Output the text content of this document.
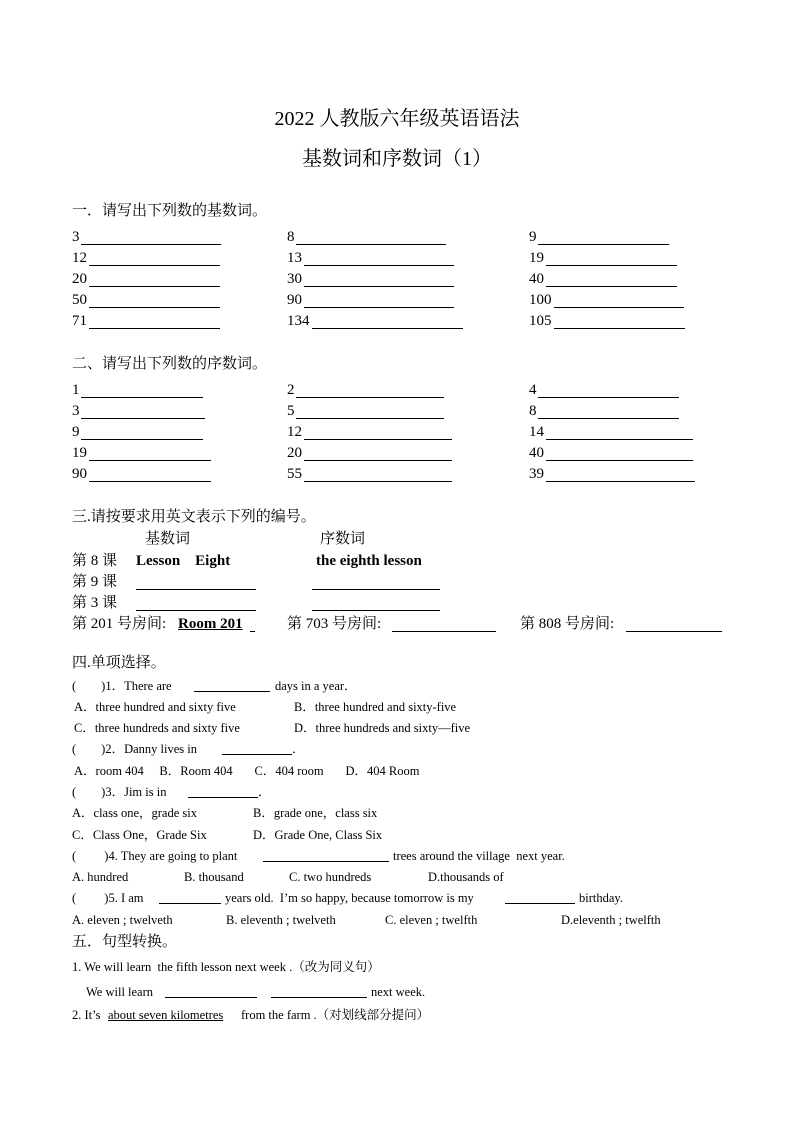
2022 人教版六年级英语语法
基数词和序数词（1）
一．请写出下列数的基数词。
3	8	9
12	13	19
20	30	40
50	90	100
71	134	105
二、请写出下列数的序数词。
1	2	4
3	5	8
9	12	14
19	20	40
90	55	39
三.请按要求用英文表示下列的编号。
基数词	序数词
第 8 课 Lesson    Eight	the eighth lesson
第 9 课
第 3 课
第 201 号房间: Room 201	第 703 号房间:	第 808 号房间:
四.单项选择。
(        )1．There are	days in a year．
A．three hundred and sixty five	B．three hundred and sixty-five
C．three hundreds and sixty five	D．three hundreds and sixty—five
(        )2．Danny lives in	．
A．room 404     B．Room 404       C．404 room       D．404 Room
(        )3．Jim is in	．
A．class one，grade six	B．grade one，class six
C．Class One，Grade Six	D．Grade One, Class Six
(         )4. They are going to plant	trees around the village  next year.
A. hundred	B. thousand	C. two hundreds	D.thousands of
(         )5. I am	years old.  I’m so happy, because tomorrow is my	birthday.
A. eleven ; twelveth	B. eleventh ; twelveth	C. eleven ; twelfth	D.eleventh ; twelfth
五．句型转换。
1. We will learn  the fifth lesson next week .（改为同义句）
We will learn	next week.
2. It’s about seven kilometres from the farm .（对划线部分提问）
